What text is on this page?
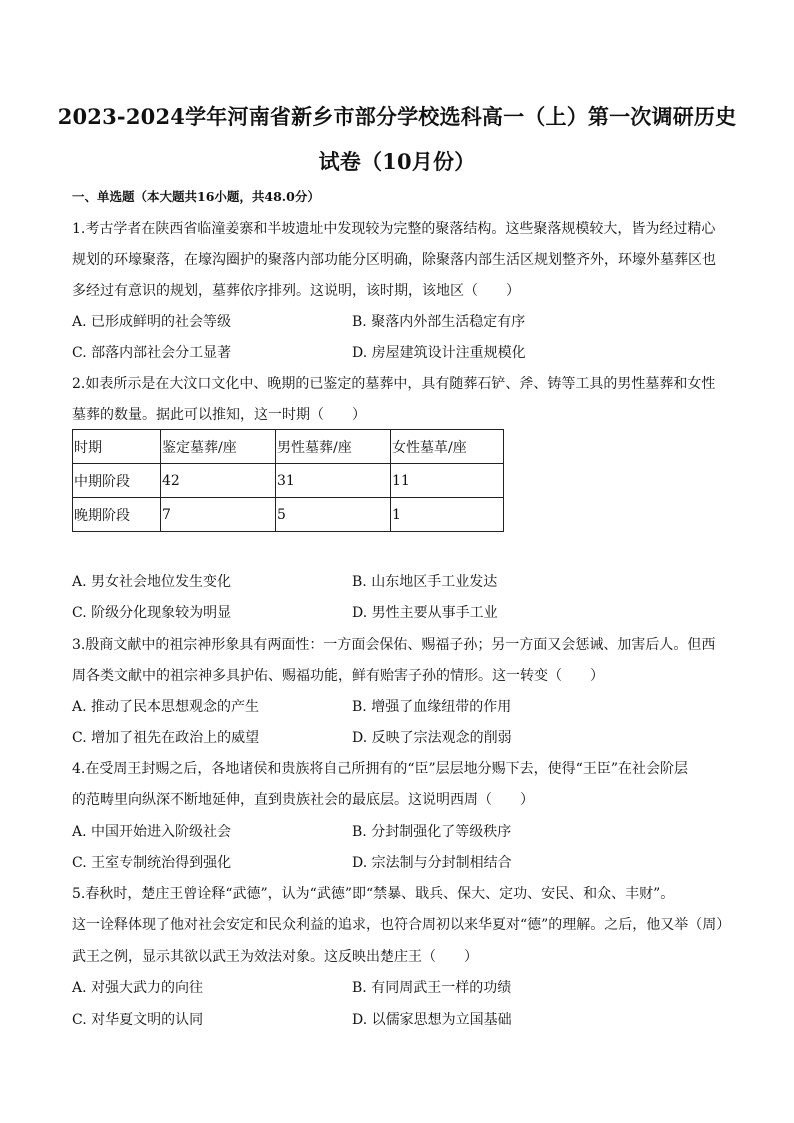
2023-2024学年河南省新乡市部分学校选科高一（上）第一次调研历史
试卷（10月份）
一、单选题（本大题共16小题，共48.0分）
1.考古学者在陕西省临潼姜寨和半坡遗址中发现较为完整的聚落结构。这些聚落规模较大，皆为经过精心
规划的环壕聚落，在壕沟圈护的聚落内部功能分区明确，除聚落内部生活区规划整齐外，环壕外墓葬区也
多经过有意识的规划，墓葬依序排列。这说明，该时期，该地区（　　）
A. 已形成鲜明的社会等级	B. 聚落内外部生活稳定有序
C. 部落内部社会分工显著	D. 房屋建筑设计注重规模化
2.如表所示是在大汶口文化中、晚期的已鉴定的墓葬中，具有随葬石铲、斧、铸等工具的男性墓葬和女性
墓葬的数量。据此可以推知，这一时期（　　）
时期	鉴定墓葬/座	男性墓葬/座	女性墓革/座
中期阶段	42	31	11
晚期阶段	7	5	1
A. 男女社会地位发生变化	B. 山东地区手工业发达
C. 阶级分化现象较为明显	D. 男性主要从事手工业
3.殷商文献中的祖宗神形象具有两面性：一方面会保佑、赐福子孙；另一方面又会惩诫、加害后人。但西
周各类文献中的祖宗神多具护佑、赐福功能，鲜有贻害子孙的情形。这一转变（　　）
A. 推动了民本思想观念的产生	B. 增强了血缘纽带的作用
C. 增加了祖先在政治上的威望	D. 反映了宗法观念的削弱
4.在受周王封赐之后，各地诸侯和贵族将自己所拥有的“臣”层层地分赐下去，使得“王臣”在社会阶层
的范畴里向纵深不断地延伸，直到贵族社会的最底层。这说明西周（　　）
A. 中国开始进入阶级社会	B. 分封制强化了等级秩序
C. 王室专制统治得到强化	D. 宗法制与分封制相结合
5.春秋时，楚庄王曾诠释“武德”，认为“武德”即“禁暴、戢兵、保大、定功、安民、和众、丰财”。
这一诠释体现了他对社会安定和民众利益的追求，也符合周初以来华夏对“德”的理解。之后，他又举（周）
武王之例，显示其欲以武王为效法对象。这反映出楚庄王（　　）
A. 对强大武力的向往	B. 有同周武王一样的功绩
C. 对华夏文明的认同	D. 以儒家思想为立国基础
